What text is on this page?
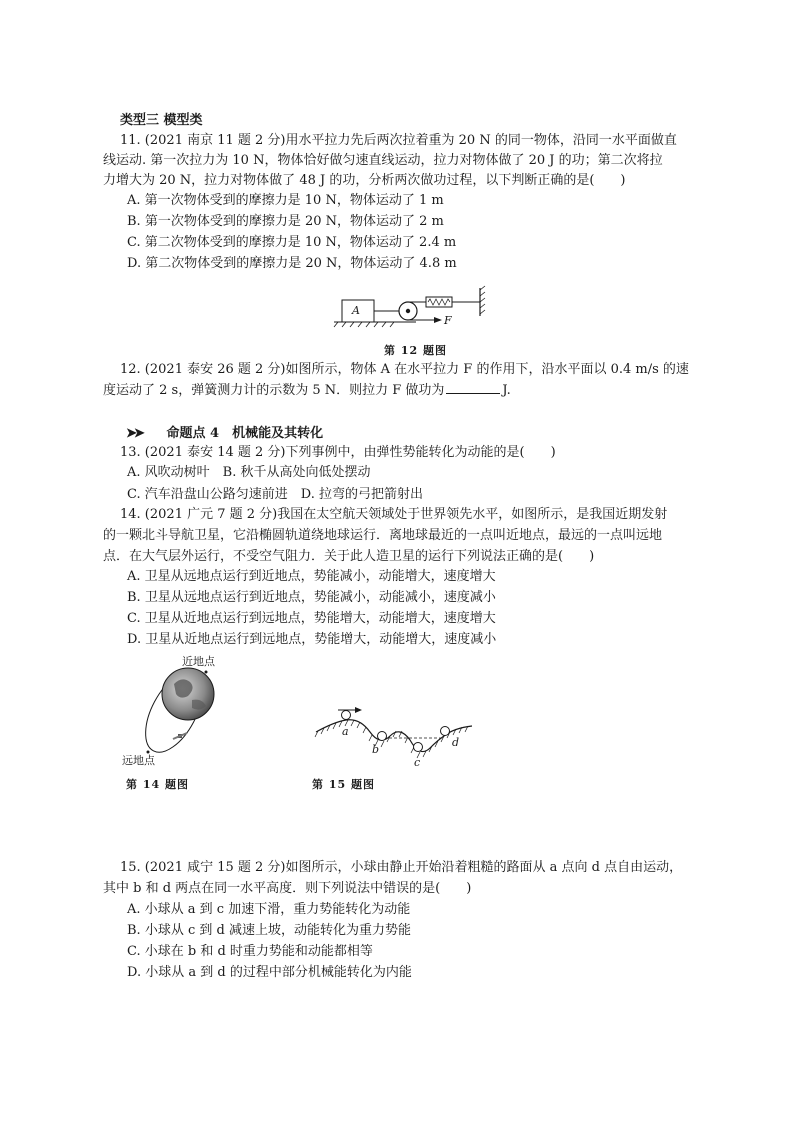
类型三 模型类
11. (2021 南京 11 题 2 分)用水平拉力先后两次拉着重为 20 N 的同一物体，沿同一水平面做直
线运动. 第一次拉力为 10 N，物体恰好做匀速直线运动，拉力对物体做了 20 J 的功；第二次将拉
力增大为 20 N，拉力对物体做了 48 J 的功，分析两次做功过程，以下判断正确的是(　　)
A. 第一次物体受到的摩擦力是 10 N，物体运动了 1 m
B. 第一次物体受到的摩擦力是 20 N，物体运动了 2 m
C. 第二次物体受到的摩擦力是 10 N，物体运动了 2.4 m
D. 第二次物体受到的摩擦力是 20 N，物体运动了 4.8 m
A
F
第 12 题图
12. (2021 泰安 26 题 2 分)如图所示，物体 A 在水平拉力 F 的作用下，沿水平面以 0.4 m/s 的速
度运动了 2 s，弹簧测力计的示数为 5 N．则拉力 F 做功为	J.
➤➤ 命题点 4　机械能及其转化
13. (2021 泰安 14 题 2 分)下列事例中，由弹性势能转化为动能的是(　　)
A. 风吹动树叶　B. 秋千从高处向低处摆动
C. 汽车沿盘山公路匀速前进　D. 拉弯的弓把箭射出
14. (2021 广元 7 题 2 分)我国在太空航天领域处于世界领先水平，如图所示，是我国近期发射
的一颗北斗导航卫星，它沿椭圆轨道绕地球运行．离地球最近的一点叫近地点，最远的一点叫远地
点．在大气层外运行，不受空气阻力．关于此人造卫星的运行下列说法正确的是(　　)
A. 卫星从远地点运行到近地点，势能减小，动能增大，速度增大
B. 卫星从远地点运行到近地点，势能减小，动能减小，速度减小
C. 卫星从近地点运行到远地点，势能增大，动能增大，速度增大
D. 卫星从近地点运行到远地点，势能增大，动能增大，速度减小
近地点
远地点
第 14 题图
a
b
c
d
第 15 题图
15. (2021 咸宁 15 题 2 分)如图所示，小球由静止开始沿着粗糙的路面从 a 点向 d 点自由运动，
其中 b 和 d 两点在同一水平高度．则下列说法中错误的是(　　)
A. 小球从 a 到 c 加速下滑，重力势能转化为动能
B. 小球从 c 到 d 减速上坡，动能转化为重力势能
C. 小球在 b 和 d 时重力势能和动能都相等
D. 小球从 a 到 d 的过程中部分机械能转化为内能
